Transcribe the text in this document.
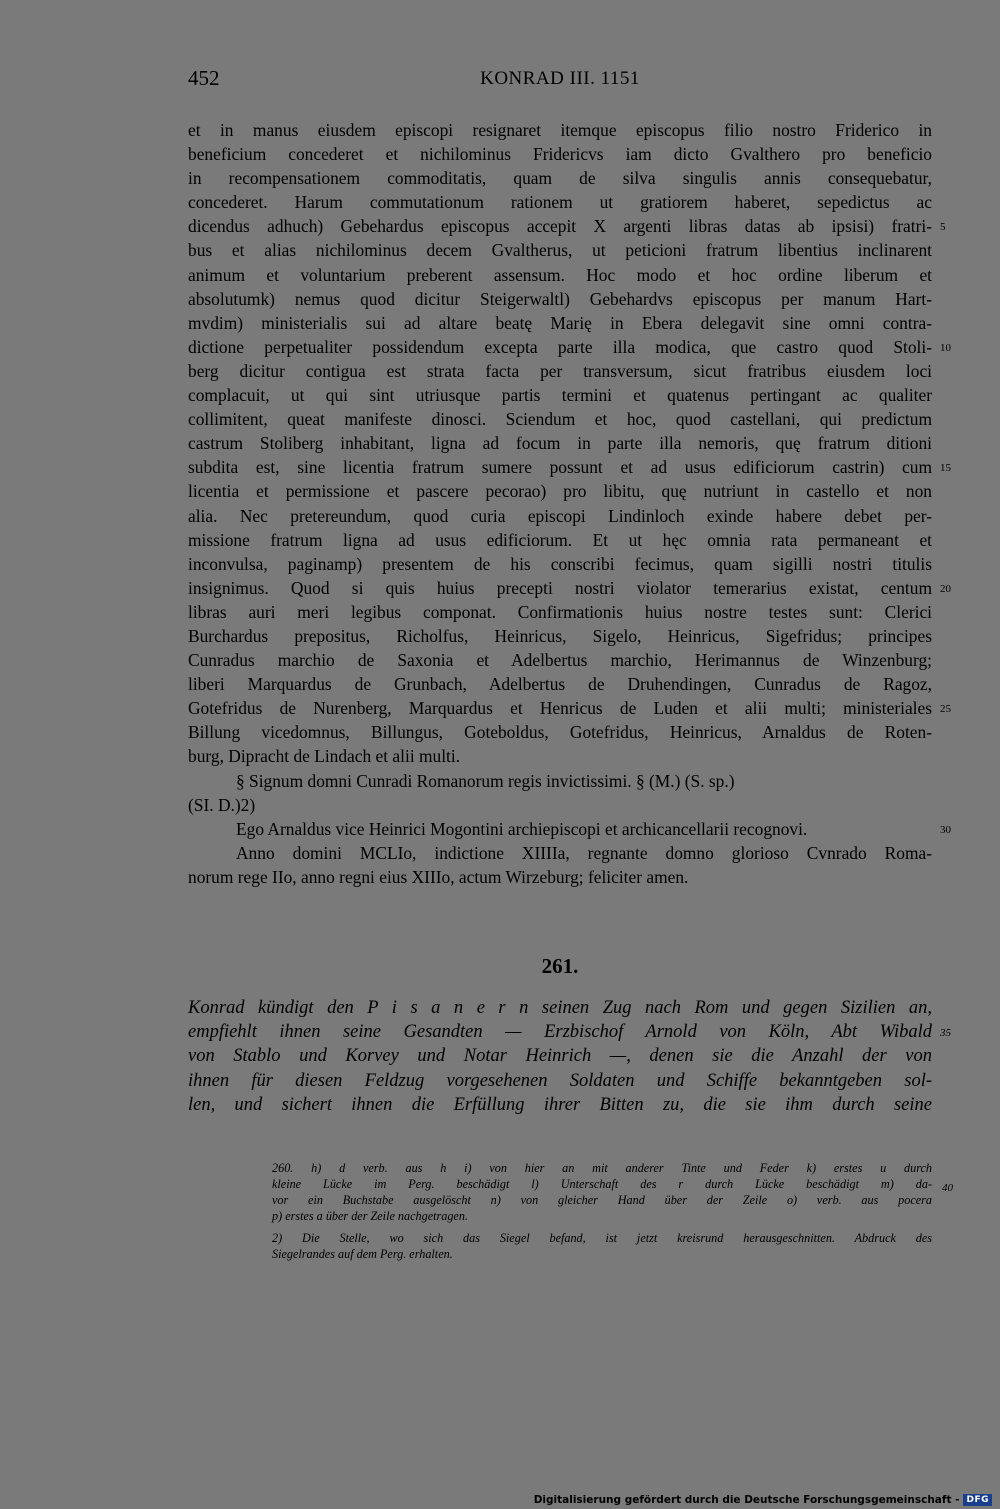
452	KONRAD III. 1151
et in manus eiusdem episcopi resignaret itemque episcopus filio nostro Friderico in
beneficium concederet et nichilominus Fridericvs iam dicto Gvalthero pro beneficio
in recompensationem commoditatis, quam de silva singulis annis consequebatur,
concederet. Harum commutationum rationem ut gratiorem haberet, sepedictus ac
dicendus adhuch) Gebehardus episcopus accepit X argenti libras datas ab ipsisi) fratri- 5
bus et alias nichilominus decem Gvaltherus, ut peticioni fratrum libentius inclinarent
animum et voluntarium preberent assensum. Hoc modo et hoc ordine liberum et
absolutumk) nemus quod dicitur Steigerwaltl) Gebehardvs episcopus per manum Hart-
mvdim) ministerialis sui ad altare beatę Marię in Ebera delegavit sine omni contra-
dictione perpetualiter possidendum excepta parte illa modica, que castro quod Stoli- 10
berg dicitur contigua est strata facta per transversum, sicut fratribus eiusdem loci
complacuit, ut qui sint utriusque partis termini et quatenus pertingant ac qualiter
collimitent, queat manifeste dinosci. Sciendum et hoc, quod castellani, qui predictum
castrum Stoliberg inhabitant, ligna ad focum in parte illa nemoris, quę fratrum ditioni
subdita est, sine licentia fratrum sumere possunt et ad usus edificiorum castrin) cum 15
licentia et permissione et pascere pecorao) pro libitu, quę nutriunt in castello et non
alia. Nec pretereundum, quod curia episcopi Lindinloch exinde habere debet per-
missione fratrum ligna ad usus edificiorum. Et ut hęc omnia rata permaneant et
inconvulsa, paginamp) presentem de his conscribi fecimus, quam sigilli nostri titulis
insignimus. Quod si quis huius precepti nostri violator temerarius existat, centum 20
libras auri meri legibus componat. Confirmationis huius nostre testes sunt: Clerici
Burchardus prepositus, Richolfus, Heinricus, Sigelo, Heinricus, Sigefridus; principes
Cunradus marchio de Saxonia et Adelbertus marchio, Herimannus de Winzenburg;
liberi Marquardus de Grunbach, Adelbertus de Druhendingen, Cunradus de Ragoz,
Gotefridus de Nurenberg, Marquardus et Henricus de Luden et alii multi; ministeriales 25
Billung vicedomnus, Billungus, Goteboldus, Gotefridus, Heinricus, Arnaldus de Roten-
burg, Dipracht de Lindach et alii multi.
§ Signum domni Cunradi Romanorum regis invictissimi. § (M.) (S. sp.)
(SI. D.)2)
Ego Arnaldus vice Heinrici Mogontini archiepiscopi et archicancellarii recognovi.	30
Anno domini MCLIo, indictione XIIIIa, regnante domno glorioso Cvnrado Roma-
norum rege IIo, anno regni eius XIIIo, actum Wirzeburg; feliciter amen.
261.
Konrad kündigt den P i s a n e r n seinen Zug nach Rom und gegen Sizilien an,
empfiehlt ihnen seine Gesandten — Erzbischof Arnold von Köln, Abt Wibald 35
von Stablo und Korvey und Notar Heinrich —, denen sie die Anzahl der von
ihnen für diesen Feldzug vorgesehenen Soldaten und Schiffe bekanntgeben sol-
len, und sichert ihnen die Erfüllung ihrer Bitten zu, die sie ihm durch seine
260. h) d verb. aus h i) von hier an mit anderer Tinte und Feder k) erstes u durch
kleine Lücke im Perg. beschädigt l) Unterschaft des r durch Lücke beschädigt m) da- 40
vor ein Buchstabe ausgelöscht n) von gleicher Hand über der Zeile o) verb. aus pocera
p) erstes a über der Zeile nachgetragen.
2) Die Stelle, wo sich das Siegel befand, ist jetzt kreisrund herausgeschnitten. Abdruck des
Siegelrandes auf dem Perg. erhalten.
Digitalisierung gefördert durch die Deutsche Forschungsgemeinschaft - DFG
